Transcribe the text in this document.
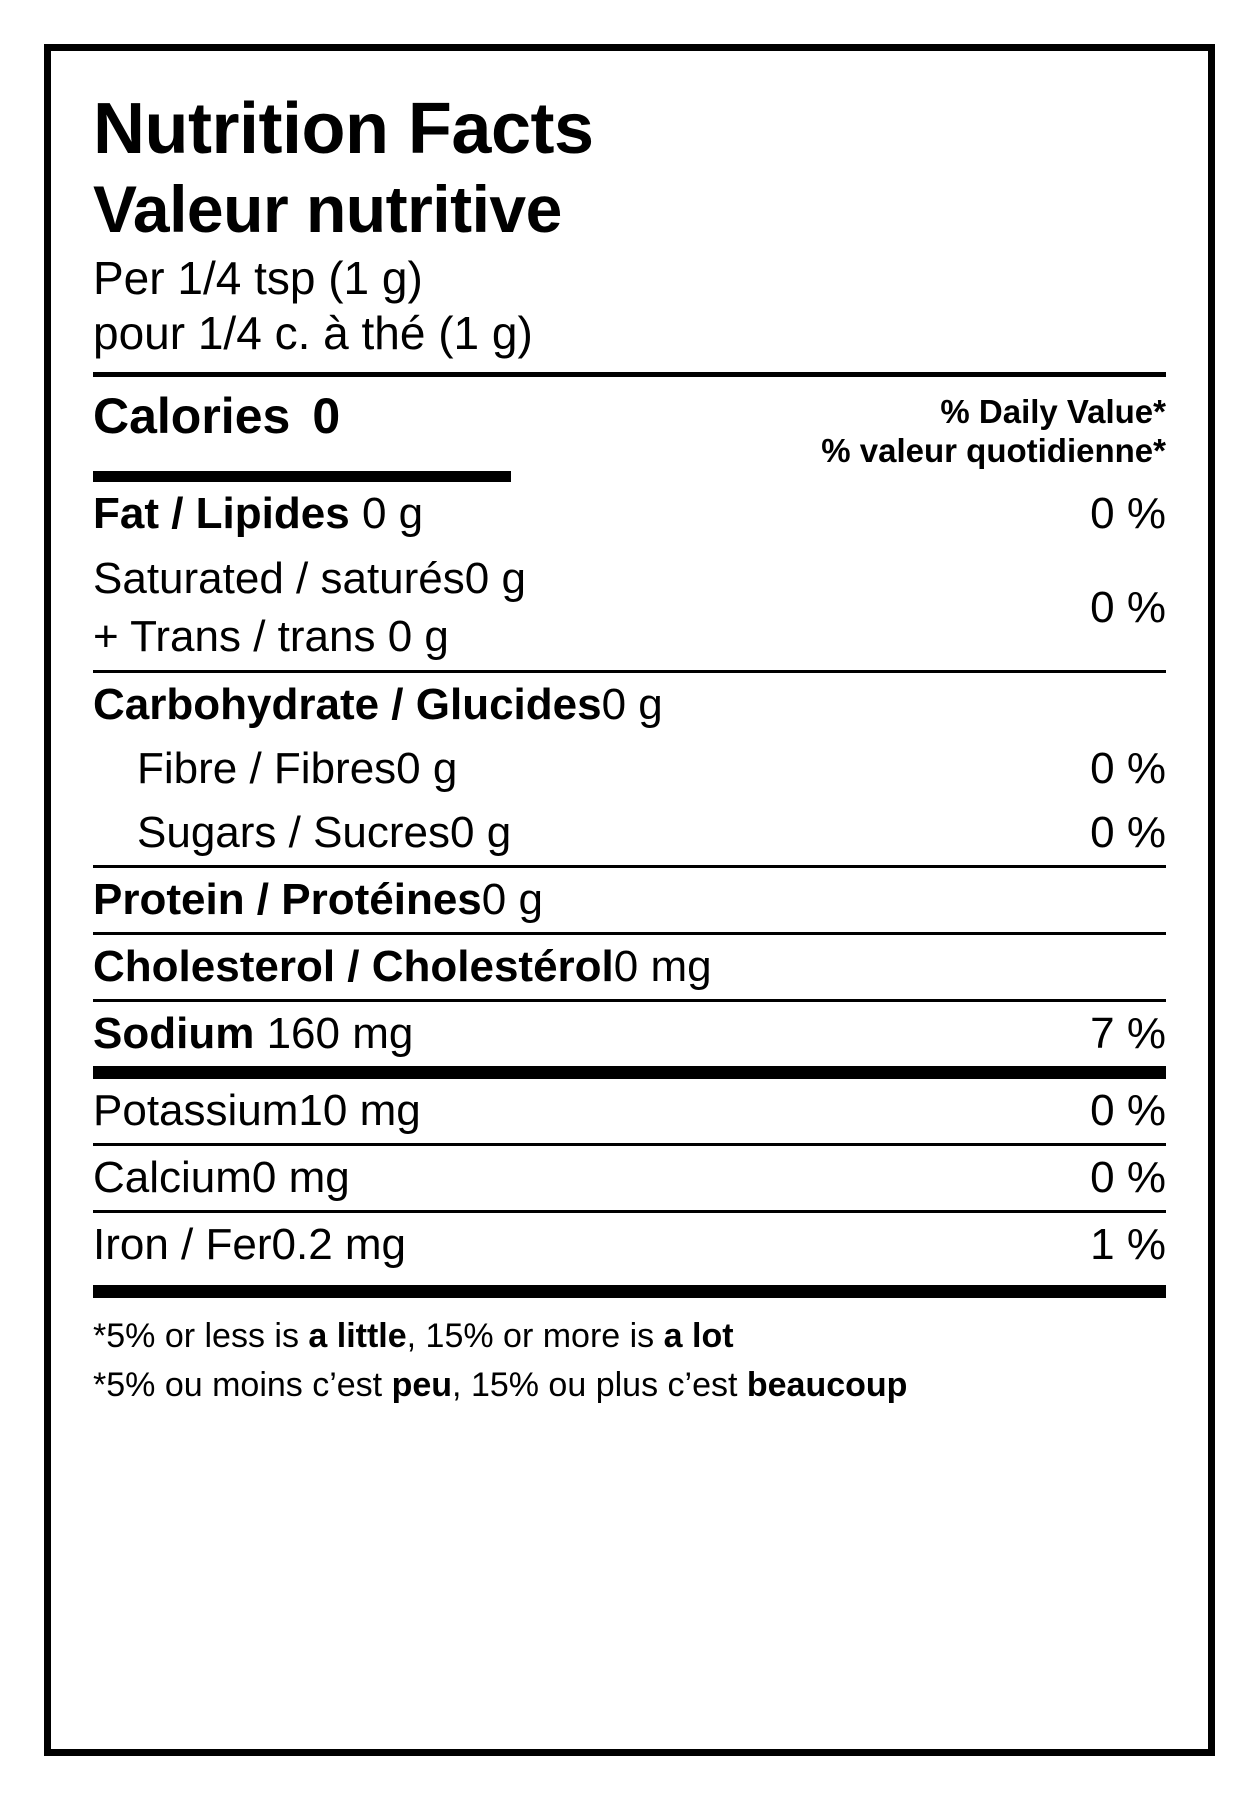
Nutrition Facts
Valeur nutritive
Per 1/4 tsp (1 g)
pour 1/4 c. à thé (1 g)
Calories 0	% Daily Value*
% valeur quotidienne*
Fat / Lipides 0 g	0 %
Saturated / saturés0 g
+ Trans / trans 0 g
0 %
Carbohydrate / Glucides0 g
Fibre / Fibres0 g	0 %
Sugars / Sucres0 g	0 %
Protein / Protéines0 g
Cholesterol / Cholestérol0 mg
Sodium 160 mg	7 %
Potassium10 mg	0 %
Calcium0 mg	0 %
Iron / Fer0.2 mg	1 %
*5% or less is a little, 15% or more is a lot
*5% ou moins c’est peu, 15% ou plus c’est beaucoup
